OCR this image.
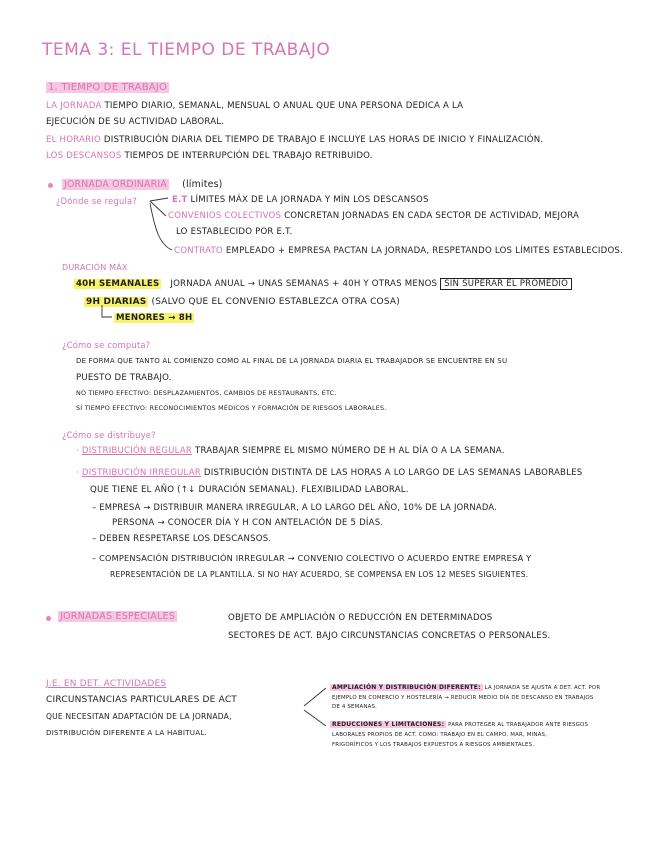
TEMA 3: EL TIEMPO DE TRABAJO
1. TIEMPO DE TRABAJO
LA JORNADA TIEMPO DIARIO, SEMANAL, MENSUAL O ANUAL QUE UNA PERSONA DEDICA A LA
EJECUCIÓN DE SU ACTIVIDAD LABORAL.
EL HORARIO DISTRIBUCIÓN DIARIA DEL TIEMPO DE TRABAJO E INCLUYE LAS HORAS DE INICIO Y FINALIZACIÓN.
LOS DESCANSOS TIEMPOS DE INTERRUPCIÓN DEL TRABAJO RETRIBUIDO.
JORNADA ORDINARIA (límites)
¿Dónde se regula?	E.T LÍMITES MÁX DE LA JORNADA Y MÍN LOS DESCANSOS
CONVENIOS COLECTIVOS CONCRETAN JORNADAS EN CADA SECTOR DE ACTIVIDAD, MEJORA
LO ESTABLECIDO POR E.T.
CONTRATO EMPLEADO + EMPRESA PACTAN LA JORNADA, RESPETANDO LOS LÍMITES ESTABLECIDOS.
DURACIÓN MÁX
40H SEMANALES JORNADA ANUAL → UNAS SEMANAS + 40H Y OTRAS MENOS SIN SUPERAR EL PROMEDIO
9H DIARIAS (SALVO QUE EL CONVENIO ESTABLEZCA OTRA COSA)
MENORES → 8H
¿Cómo se computa?
DE FORMA QUE TANTO AL COMIENZO COMO AL FINAL DE LA JORNADA DIARIA EL TRABAJADOR SE ENCUENTRE EN SU
PUESTO DE TRABAJO.
NO TIEMPO EFECTIVO: DESPLAZAMIENTOS, CAMBIOS DE RESTAURANTS, ETC.
SÍ TIEMPO EFECTIVO: RECONOCIMIENTOS MÉDICOS Y FORMACIÓN DE RIESGOS LABORALES.
¿Cómo se distribuye?
· DISTRIBUCIÓN REGULAR TRABAJAR SIEMPRE EL MISMO NÚMERO DE H AL DÍA O A LA SEMANA.
· DISTRIBUCIÓN IRREGULAR DISTRIBUCIÓN DISTINTA DE LAS HORAS A LO LARGO DE LAS SEMANAS LABORABLES
QUE TIENE EL AÑO (↑↓ DURACIÓN SEMANAL). FLEXIBILIDAD LABORAL.
– EMPRESA → DISTRIBUIR MANERA IRREGULAR, A LO LARGO DEL AÑO, 10% DE LA JORNADA.
PERSONA → CONOCER DÍA Y H CON ANTELACIÓN DE 5 DÍAS.
– DEBEN RESPETARSE LOS DESCANSOS.
– COMPENSACIÓN DISTRIBUCIÓN IRREGULAR → CONVENIO COLECTIVO O ACUERDO ENTRE EMPRESA Y
REPRESENTACIÓN DE LA PLANTILLA. SI NO HAY ACUERDO, SE COMPENSA EN LOS 12 MESES SIGUIENTES.
JORNADAS ESPECIALES	OBJETO DE AMPLIACIÓN O REDUCCIÓN EN DETERMINADOS
SECTORES DE ACT. BAJO CIRCUNSTANCIAS CONCRETAS O PERSONALES.
J.E. EN DET. ACTIVIDADES
CIRCUNSTANCIAS PARTICULARES DE ACT
QUE NECESITAN ADAPTACIÓN DE LA JORNADA,
DISTRIBUCIÓN DIFERENTE A LA HABITUAL.
AMPLIACIÓN Y DISTRIBUCIÓN DIFERENTE: LA JORNADA SE AJUSTA A DET. ACT. POR
EJEMPLO EN COMERCIO Y HOSTELERÍA → REDUCIR MEDIO DÍA DE DESCANSO EN TRABAJOS
DE 4 SEMANAS.
REDUCCIONES Y LIMITACIONES: PARA PROTEGER AL TRABAJADOR ANTE RIESGOS
LABORALES PROPIOS DE ACT. COMO: TRABAJO EN EL CAMPO, MAR, MINAS,
FRIGORÍFICOS Y LOS TRABAJOS EXPUESTOS A RIESGOS AMBIENTALES.
